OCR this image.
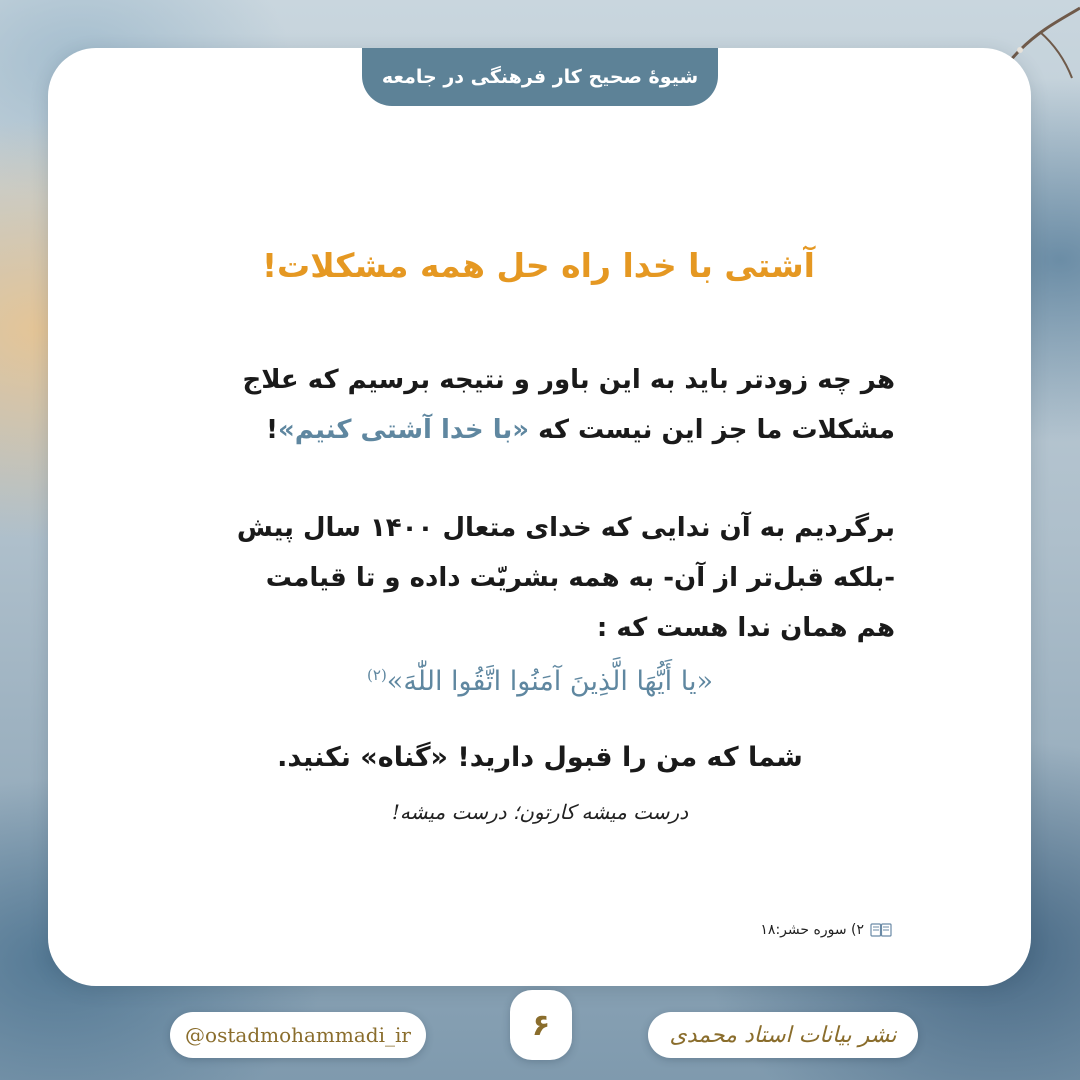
شیوهٔ صحیح کار فرهنگی در جامعه
آشتی با خدا راه حل همه مشکلات!
هر چه زودتر باید به این باور و نتیجه برسیم که علاج
مشکلات ما جز این نیست که «با خدا آشتی کنیم»!
برگردیم به آن ندایی که خدای متعال ۱۴۰۰ سال پیش
-بلکه قبل‌تر از آن- به همه بشریّت داده و تا قیامت
هم همان ندا هست که :
«یا أَیُّهَا الَّذِینَ آمَنُوا اتَّقُوا اللّٰهَ»$^{(۲)}$
شما که من را قبول دارید! «گناه» نکنید.
درست میشه کارتون؛ درست میشه!
۲) سوره حشر:۱۸
@ostadmohammadi_ir	۶	نشر بیانات استاد محمدی
